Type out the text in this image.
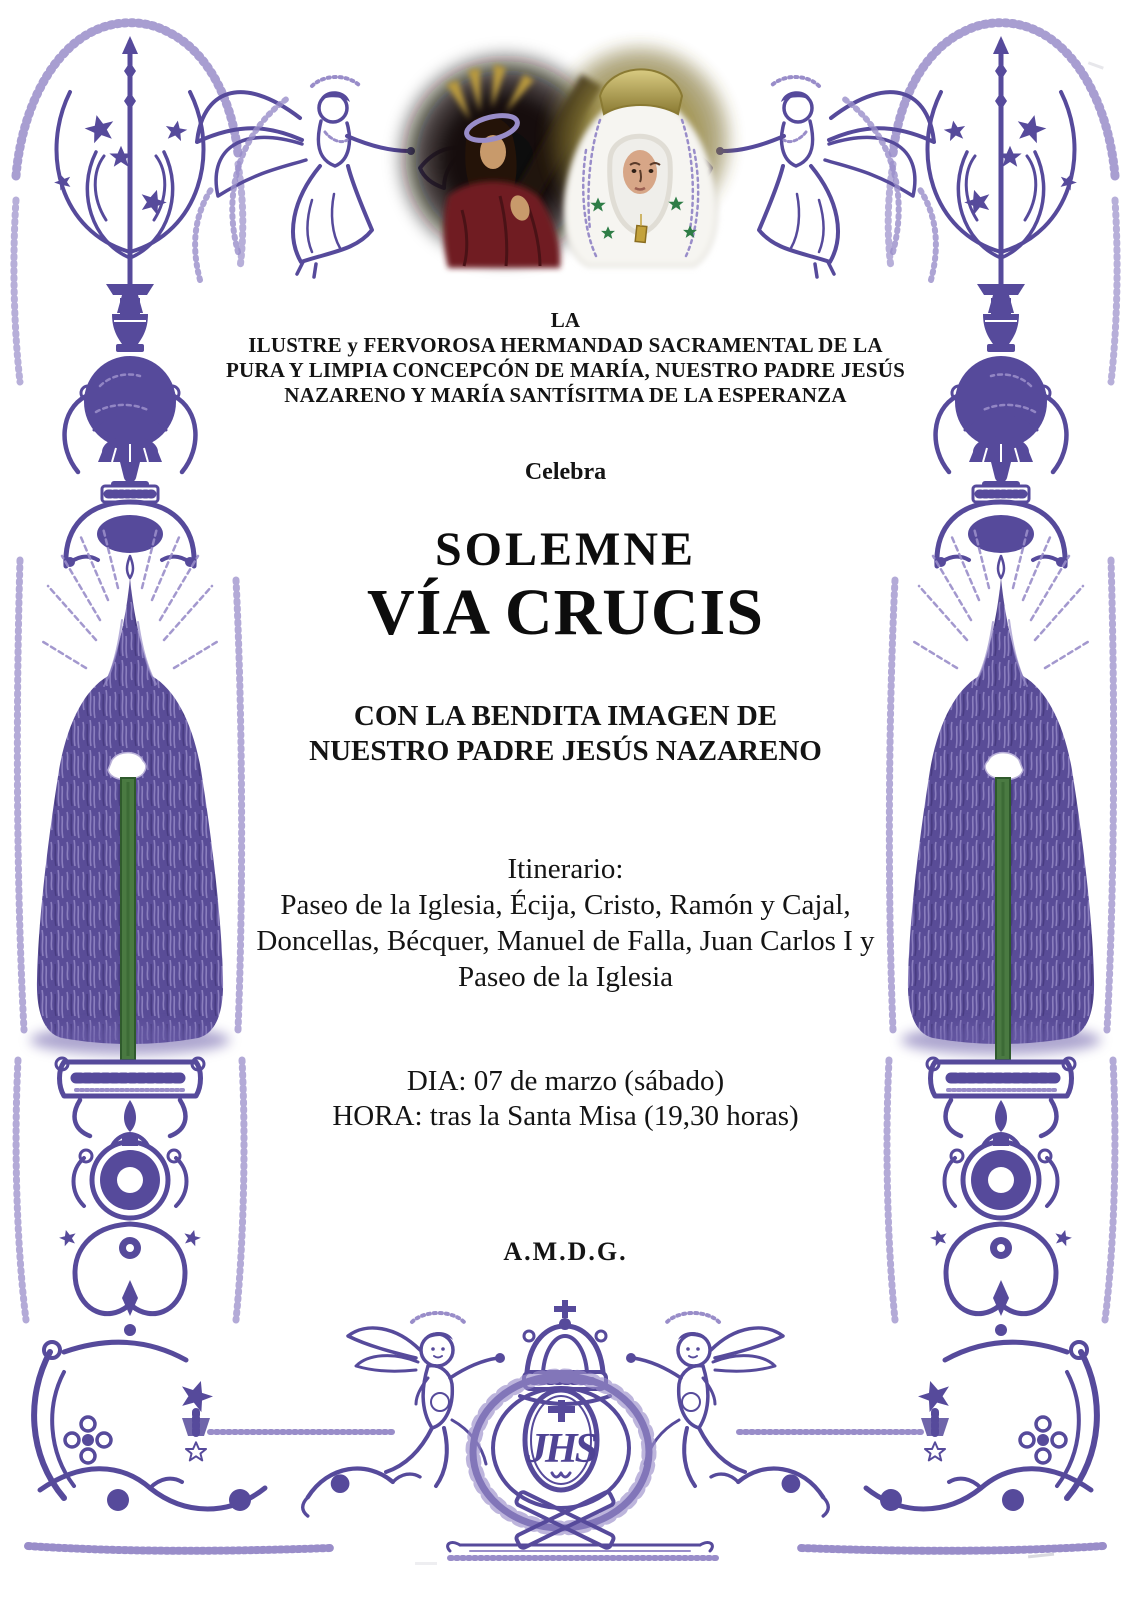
JHS
LA
ILUSTRE y FERVOROSA HERMANDAD SACRAMENTAL DE LA
PURA Y LIMPIA CONCEPCÓN DE MARÍA, NUESTRO PADRE JESÚS
NAZARENO Y MARÍA SANTÍSITMA DE LA ESPERANZA
Celebra
SOLEMNE
VÍA CRUCIS
CON LA BENDITA IMAGEN DE
NUESTRO PADRE JESÚS NAZARENO
Itinerario:
Paseo de la Iglesia, Écija, Cristo, Ramón y Cajal,
Doncellas, Bécquer, Manuel de Falla, Juan Carlos I y
Paseo de la Iglesia
DIA: 07 de marzo (sábado)
HORA: tras la Santa Misa (19,30 horas)
A.M.D.G.
